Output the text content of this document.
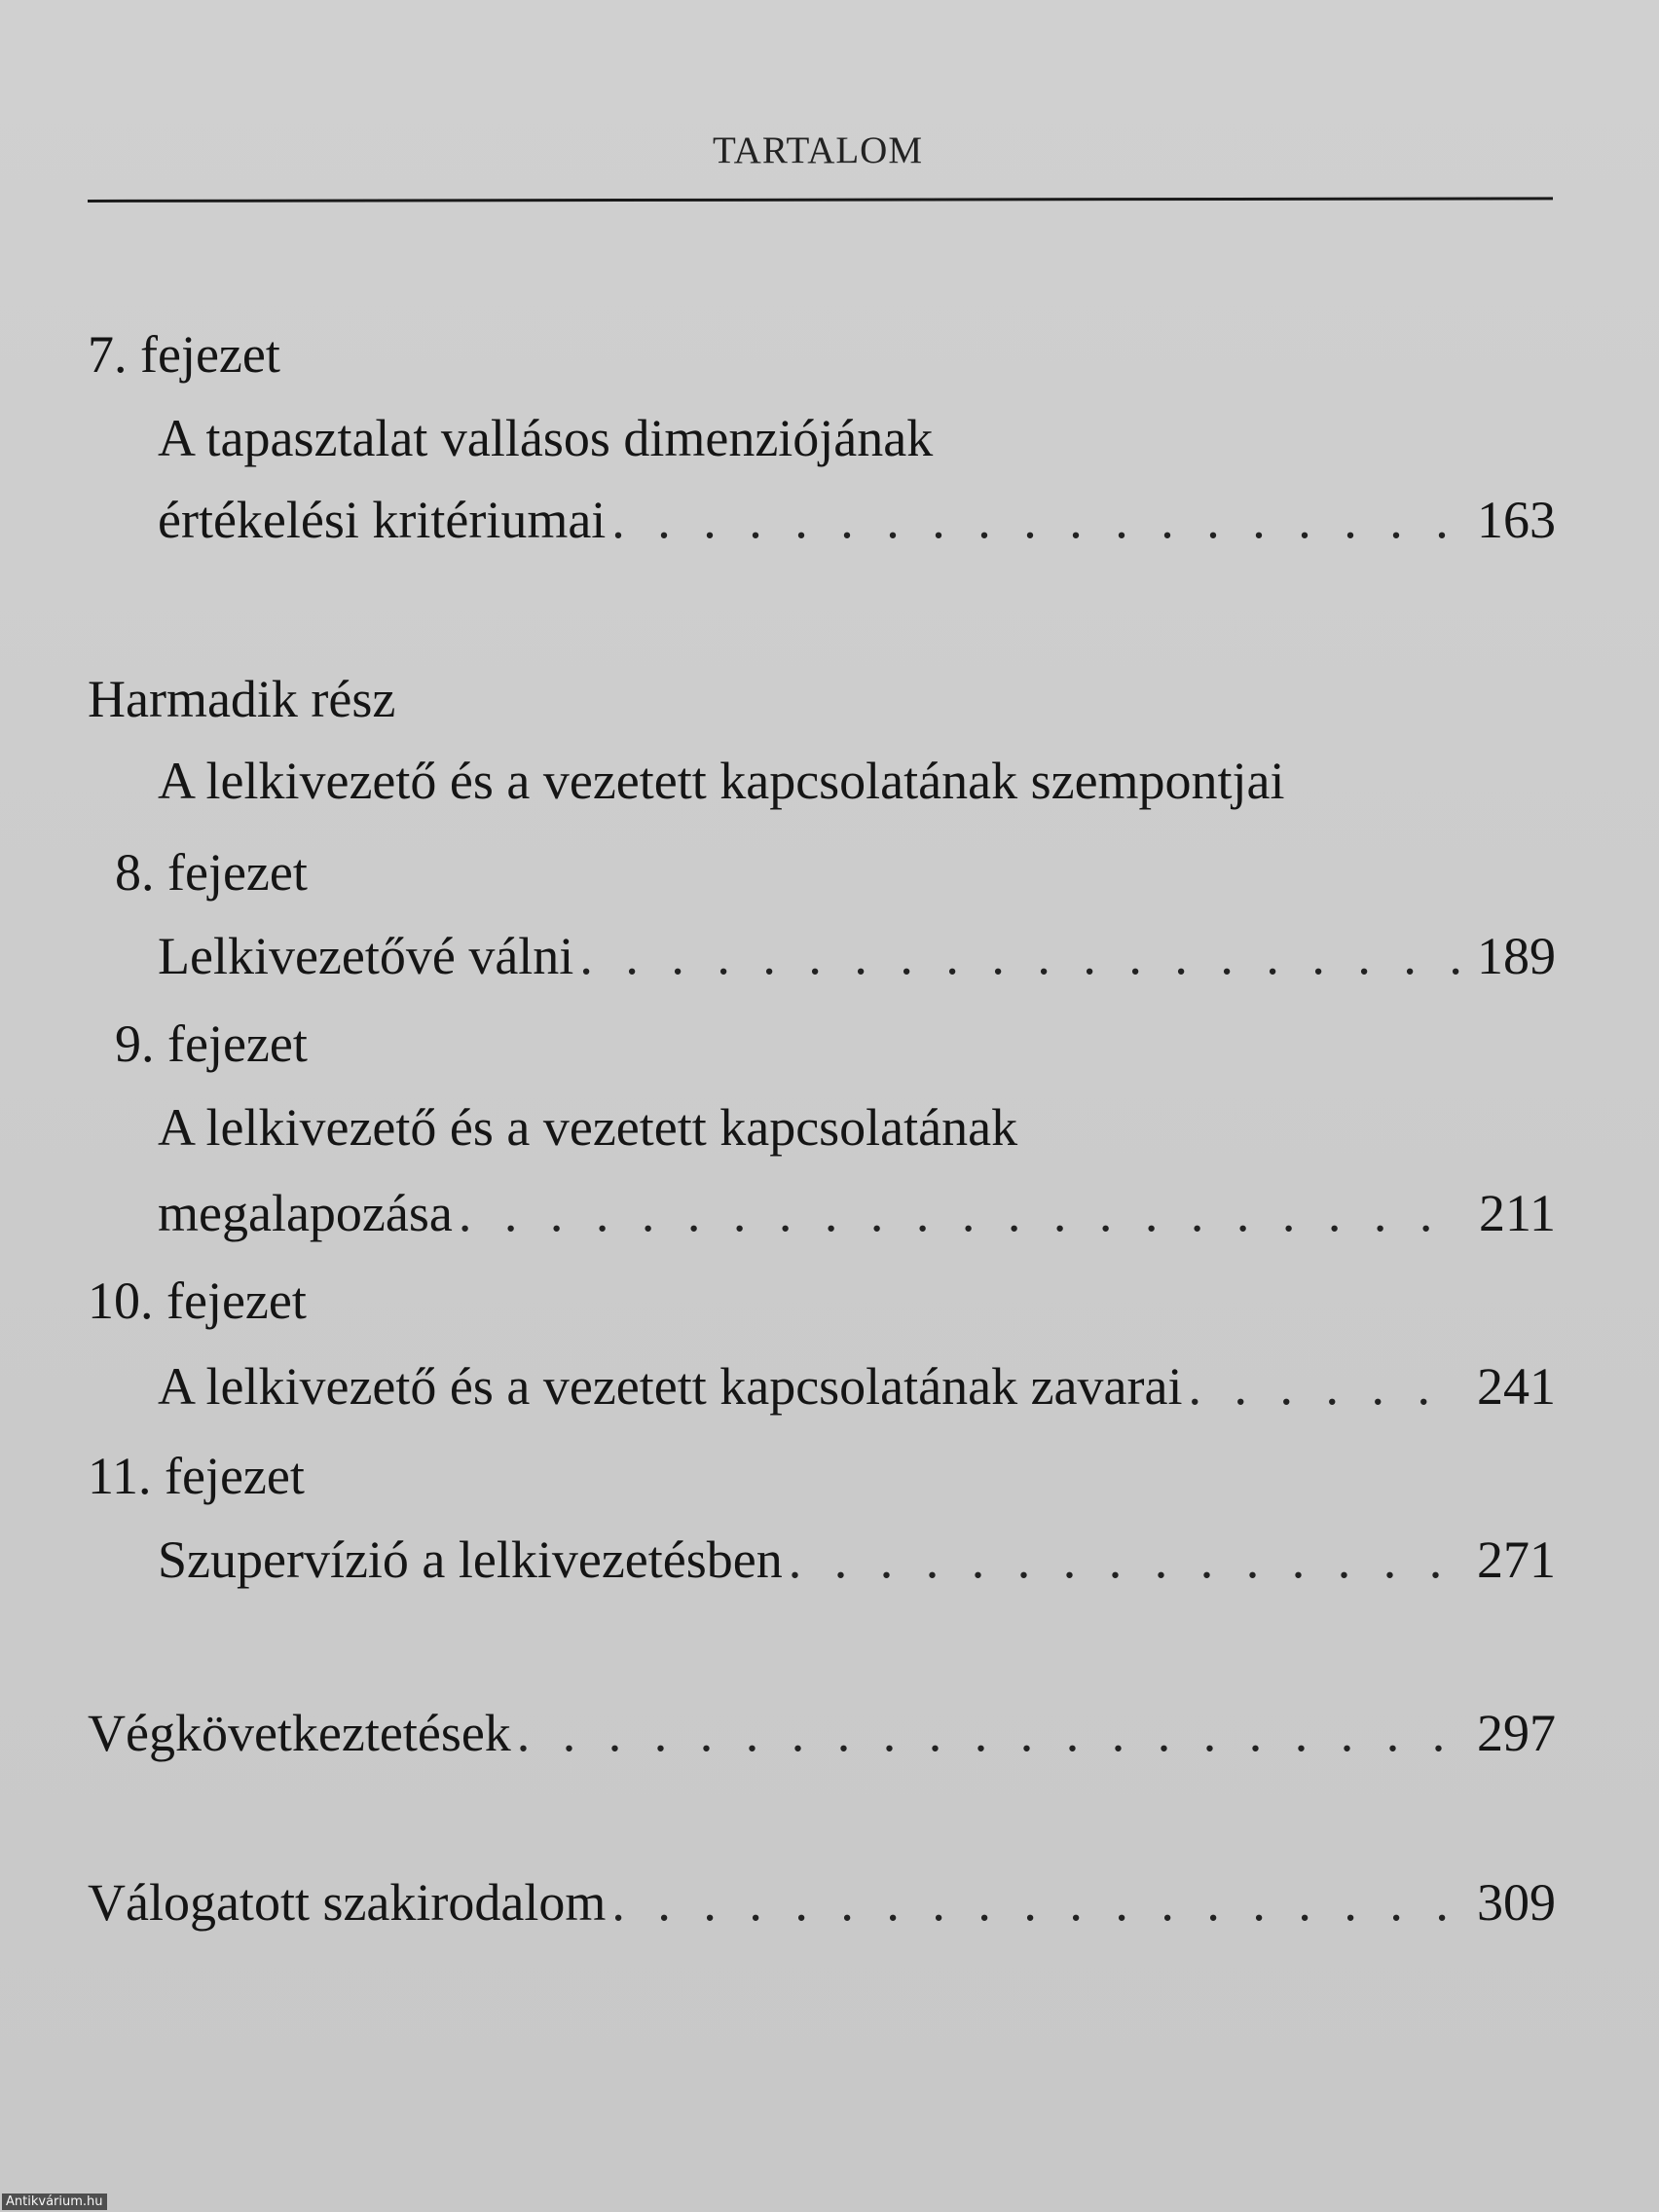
TARTALOM
7. fejezet
A tapasztalat vallásos dimenziójának
értékelési kritériumai . . .	163
Harmadik rész
A lelkivezető és a vezetett kapcsolatának szempontjai
8. fejezet
Lelkivezetővé válni . . .	189
9. fejezet
A lelkivezető és a vezetett kapcsolatának
megalapozása . . .	211
10. fejezet
A lelkivezető és a vezetett kapcsolatának zavarai . . .	241
11. fejezet
Szupervízió a lelkivezetésben . . .	271
Végkövetkeztetések . . .	297
Válogatott szakirodalom . . .	309
Antikvárium.hu
